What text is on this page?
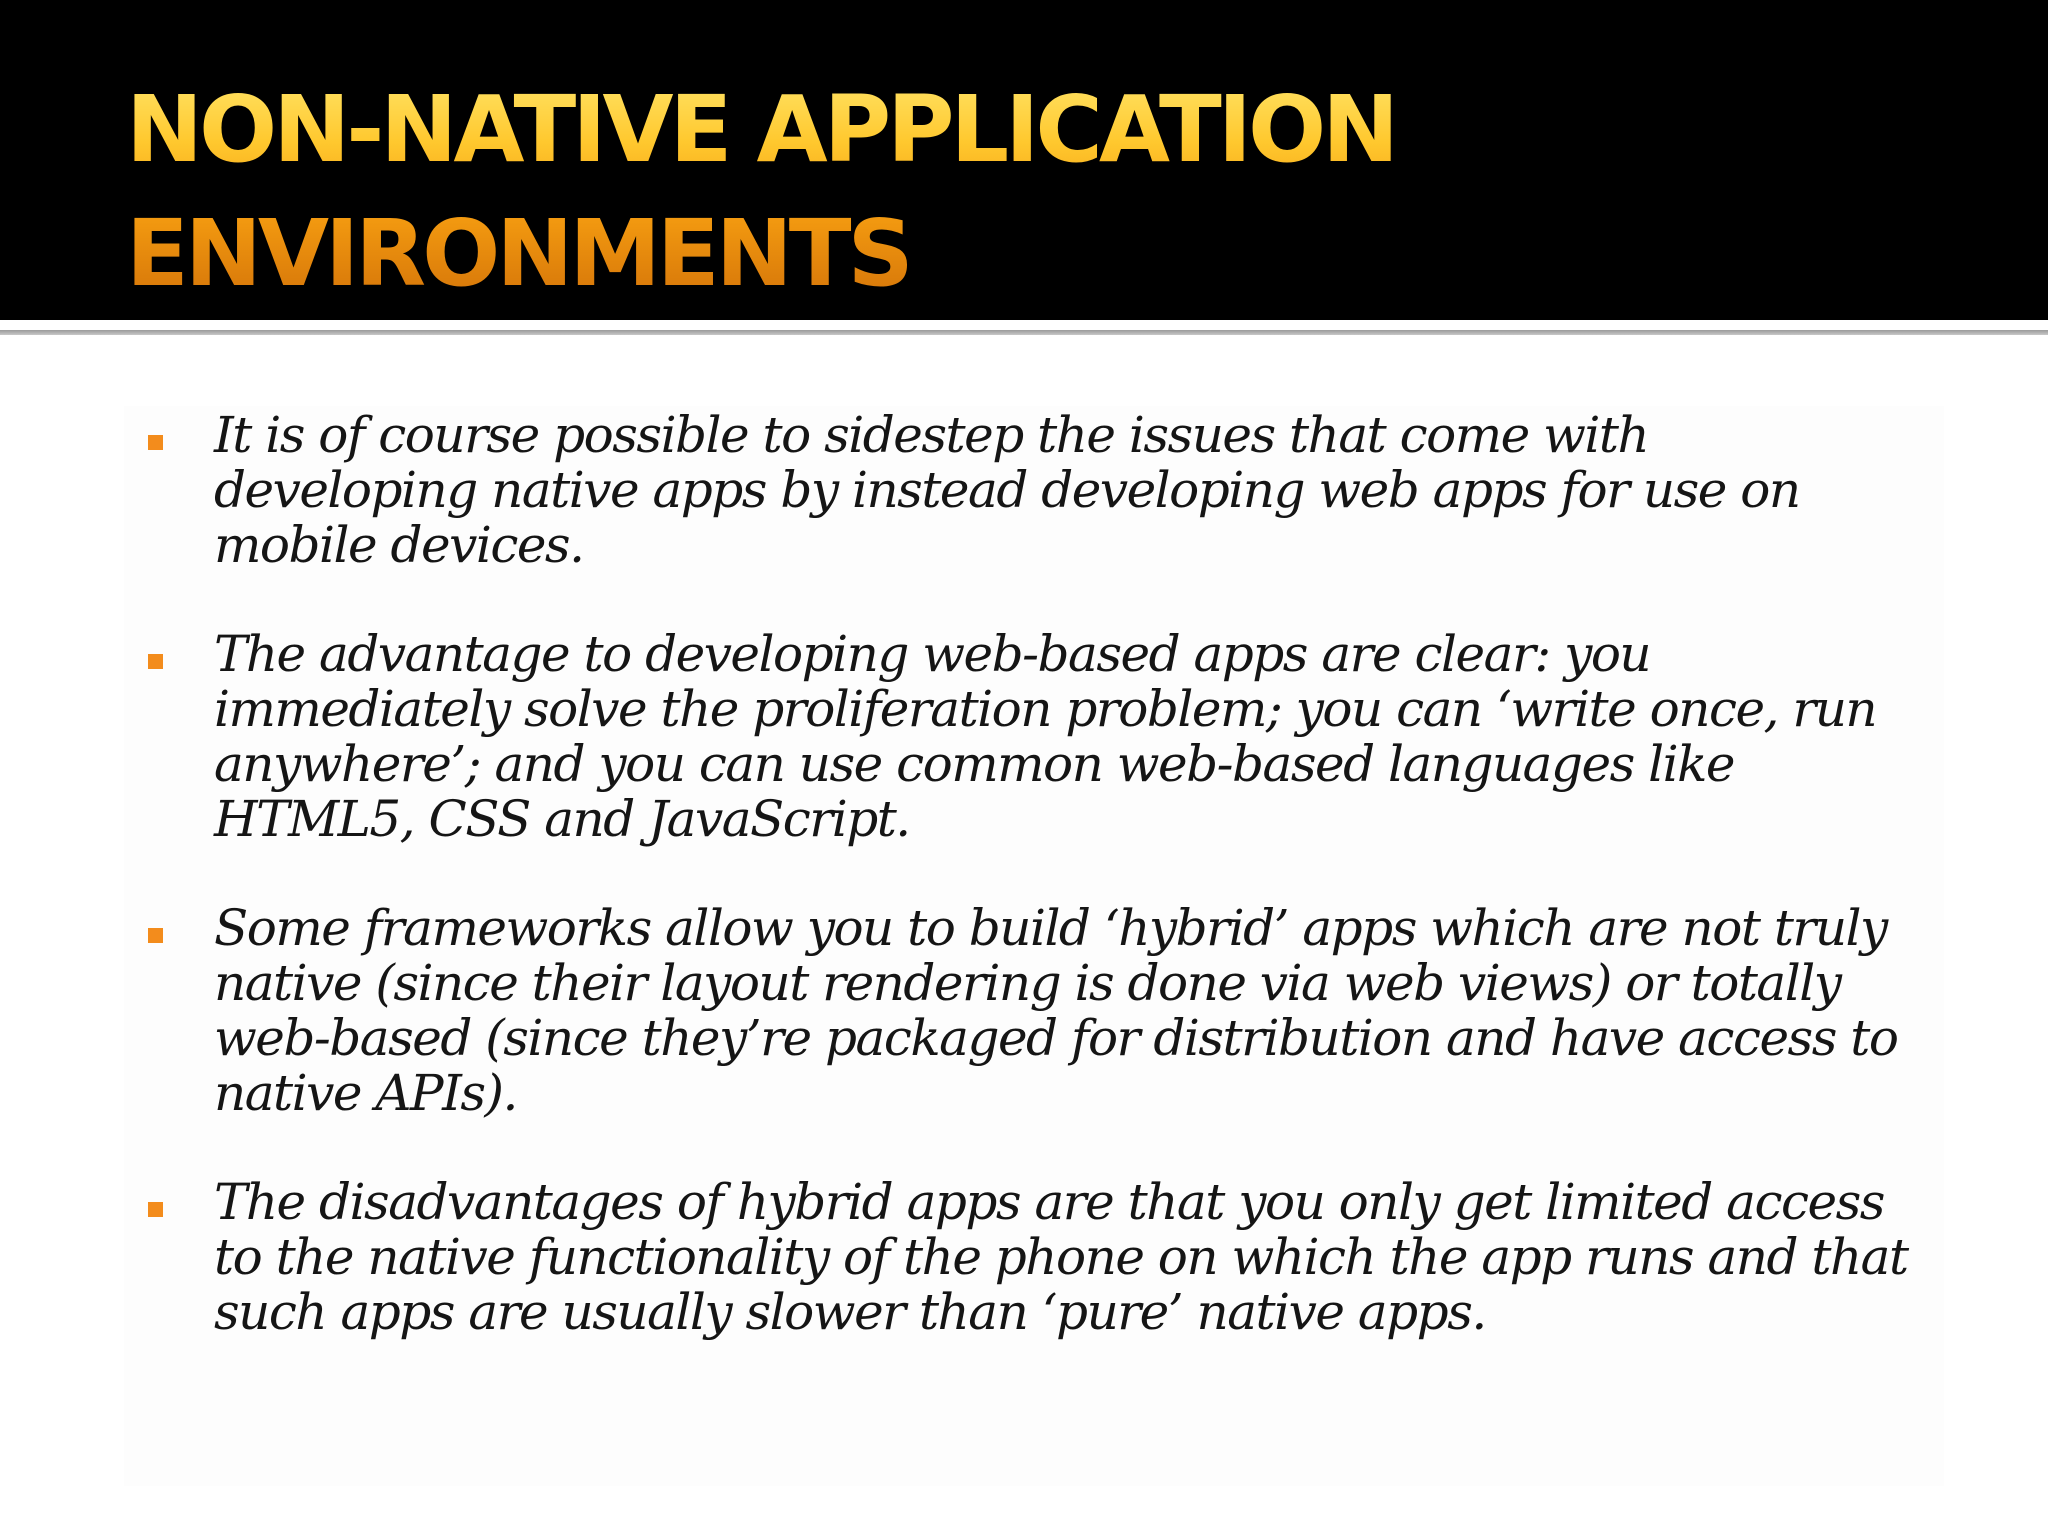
NON-NATIVE APPLICATION
ENVIRONMENTS
It is of course possible to sidestep the issues that come with developing native apps by instead developing web apps for use on mobile devices.
The advantage to developing web-based apps are clear: you immediately solve the proliferation problem; you can ‘write once, run anywhere’; and you can use common web-based languages like HTML5, CSS and JavaScript.
Some frameworks allow you to build ‘hybrid’ apps which are not truly native (since their layout rendering is done via web views) or totally web-based (since they’re packaged for distribution and have access to native APIs).
The disadvantages of hybrid apps are that you only get limited access to the native functionality of the phone on which the app runs and that such apps are usually slower than ‘pure’ native apps.
